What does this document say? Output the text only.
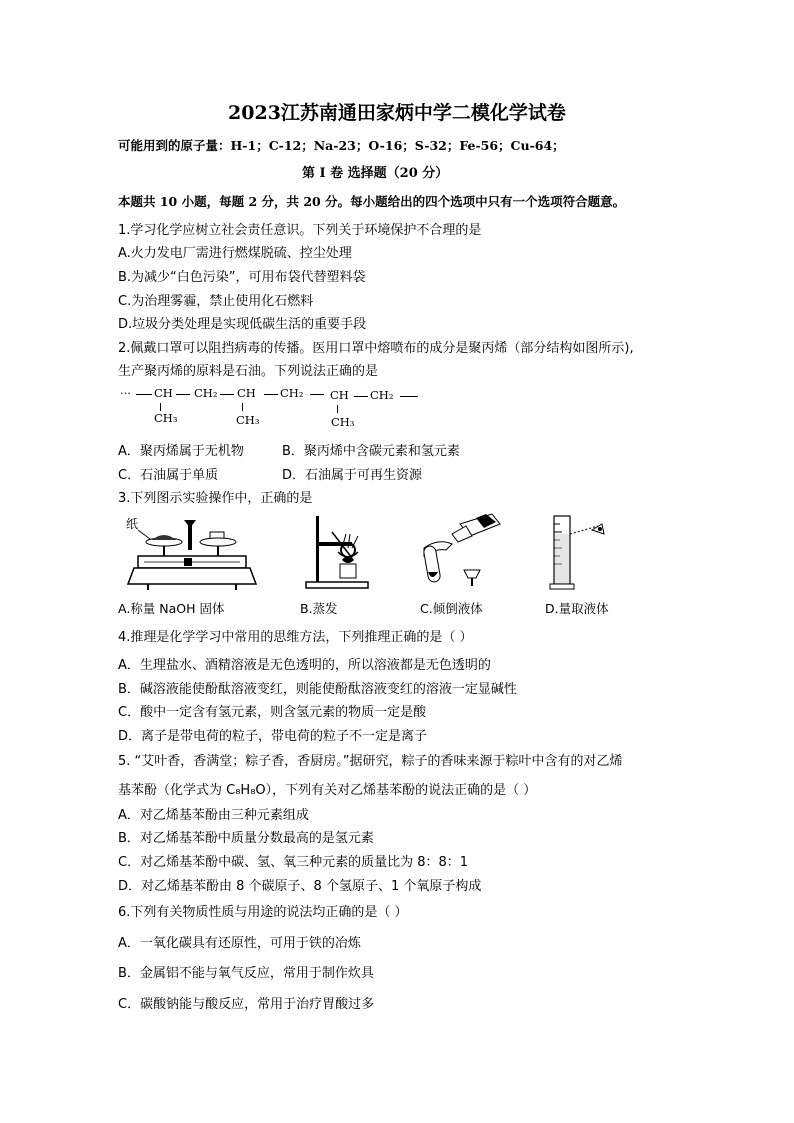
2023江苏南通田家炳中学二模化学试卷
可能用到的原子量：H-1；C-12；Na-23；O-16；S-32；Fe-56；Cu-64；
第 I 卷 选择题（20 分）
本题共 10 小题，每题 2 分，共 20 分。每小题给出的四个选项中只有一个选项符合题意。
1.学习化学应树立社会责任意识。下列关于环境保护不合理的是
A.火力发电厂需进行燃煤脱硫、控尘处理
B.为减少“白色污染”，可用布袋代替塑料袋
C.为治理雾霾，禁止使用化石燃料
D.垃圾分类处理是实现低碳生活的重要手段
2.佩戴口罩可以阻挡病毒的传播。医用口罩中熔喷布的成分是聚丙烯（部分结构如图所示),
生产聚丙烯的原料是石油。下列说法正确的是
··· CH CH₂ CH CH₂ CH CH₂
CH₃	CH₃	CH₃
A．聚丙烯属于无机物	B．聚丙烯中含碳元素和氢元素
C．石油属于单质	D．石油属于可再生资源
3.下列图示实验操作中，正确的是
纸
A.称量 NaOH 固体	B.蒸发	C.倾倒液体	D.量取液体
4.推理是化学学习中常用的思维方法，下列推理正确的是（ ）
A．生理盐水、酒精溶液是无色透明的，所以溶液都是无色透明的
B．碱溶液能使酚酞溶液变红，则能使酚酞溶液变红的溶液一定显碱性
C．酸中一定含有氢元素，则含氢元素的物质一定是酸
D．离子是带电荷的粒子，带电荷的粒子不一定是离子
5. “艾叶香，香满堂；粽子香，香厨房。”据研究，粽子的香味来源于粽叶中含有的对乙烯
基苯酚（化学式为 C₈H₈O），下列有关对乙烯基苯酚的说法正确的是（ ）
A．对乙烯基苯酚由三种元素组成
B．对乙烯基苯酚中质量分数最高的是氢元素
C．对乙烯基苯酚中碳、氢、氧三种元素的质量比为 8：8：1
D．对乙烯基苯酚由 8 个碳原子、8 个氢原子、1 个氧原子构成
6.下列有关物质性质与用途的说法均正确的是（ ）
A．一氧化碳具有还原性，可用于铁的冶炼
B．金属铝不能与氧气反应，常用于制作炊具
C．碳酸钠能与酸反应，常用于治疗胃酸过多
